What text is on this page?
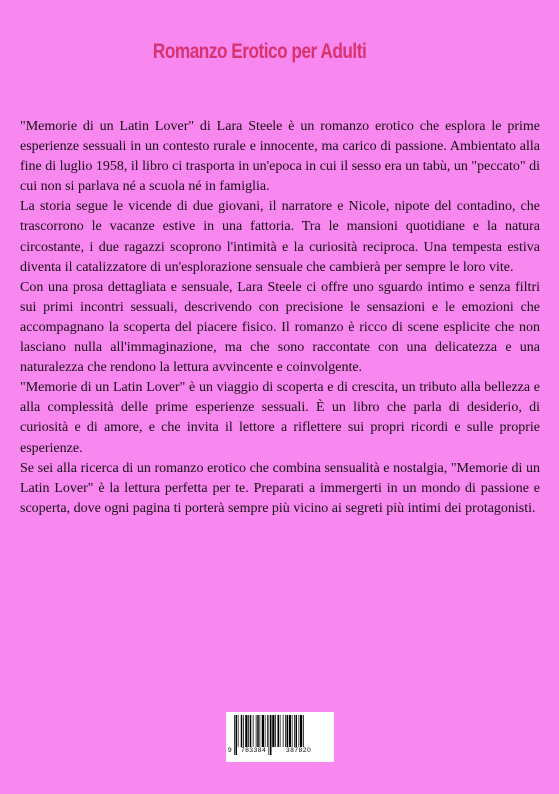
Romanzo Erotico per Adulti

"Memorie di un Latin Lover" di Lara Steele è un romanzo erotico che esplora le prime esperienze sessuali in un contesto rurale e innocente, ma carico di passione. Ambientato alla fine di luglio 1958, il libro ci trasporta in un'epoca in cui il sesso era un tabù, un "peccato" di cui non si parlava né a scuola né in famiglia.

La storia segue le vicende di due giovani, il narratore e Nicole, nipote del contadino, che trascorrono le vacanze estive in una fattoria. Tra le mansioni quotidiane e la natura circostante, i due ragazzi scoprono l'intimità e la curiosità reciproca. Una tempesta estiva diventa il catalizzatore di un'esplorazione sensuale che cambierà per sempre le loro vite.

Con una prosa dettagliata e sensuale, Lara Steele ci offre uno sguardo intimo e senza filtri sui primi incontri sessuali, descrivendo con precisione le sensazioni e le emozioni che accompagnano la scoperta del piacere fisico. Il romanzo è ricco di scene esplicite che non lasciano nulla all'immaginazione, ma che sono raccontate con una delicatezza e una naturalezza che rendono la lettura avvincente e coinvolgente.

"Memorie di un Latin Lover" è un viaggio di scoperta e di crescita, un tributo alla bellezza e alla complessità delle prime esperienze sessuali. È un libro che parla di desiderio, di curiosità e di amore, e che invita il lettore a riflettere sui propri ricordi e sulle proprie esperienze.

Se sei alla ricerca di un romanzo erotico che combina sensualità e nostalgia, "Memorie di un Latin Lover" è la lettura perfetta per te. Preparati a immergerti in un mondo di passione e scoperta, dove ogni pagina ti porterà sempre più vicino ai segreti più intimi dei protagonisti.

9 783384	387820
